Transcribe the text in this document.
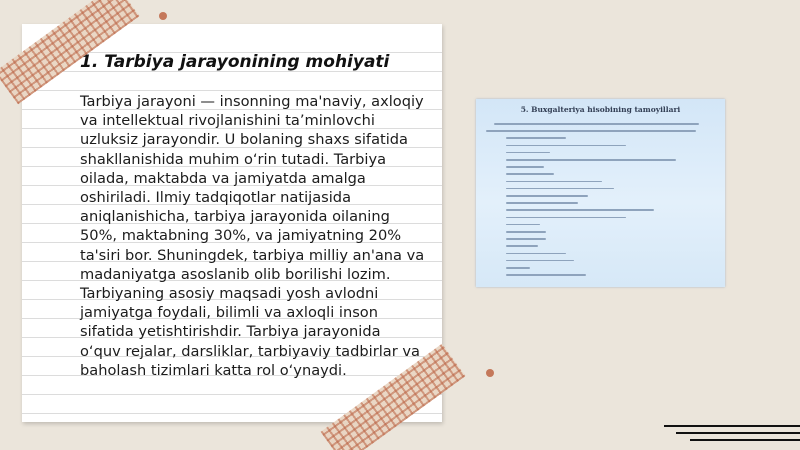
1. Tarbiya jarayonining mohiyati

Tarbiya jarayoni — insonning ma'naviy, axloqiy va intellektual rivojlanishini ta’minlovchi uzluksiz jarayondir. U bolaning shaxs sifatida shakllanishida muhim o‘rin tutadi. Tarbiya oilada, maktabda va jamiyatda amalga oshiriladi. Ilmiy tadqiqotlar natijasida aniqlanishicha, tarbiya jarayonida oilaning 50%, maktabning 30%, va jamiyatning 20% ta'siri bor. Shuningdek, tarbiya milliy an'ana va madaniyatga asoslanib olib borilishi lozim. Tarbiyaning asosiy maqsadi yosh avlodni jamiyatga foydali, bilimli va axloqli inson sifatida yetishtirishdir. Tarbiya jarayonida o‘quv rejalar, darsliklar, tarbiyaviy tadbirlar va baholash tizimlari katta rol o‘ynaydi.

5. Buxgalteriya hisobining tamoyillari
